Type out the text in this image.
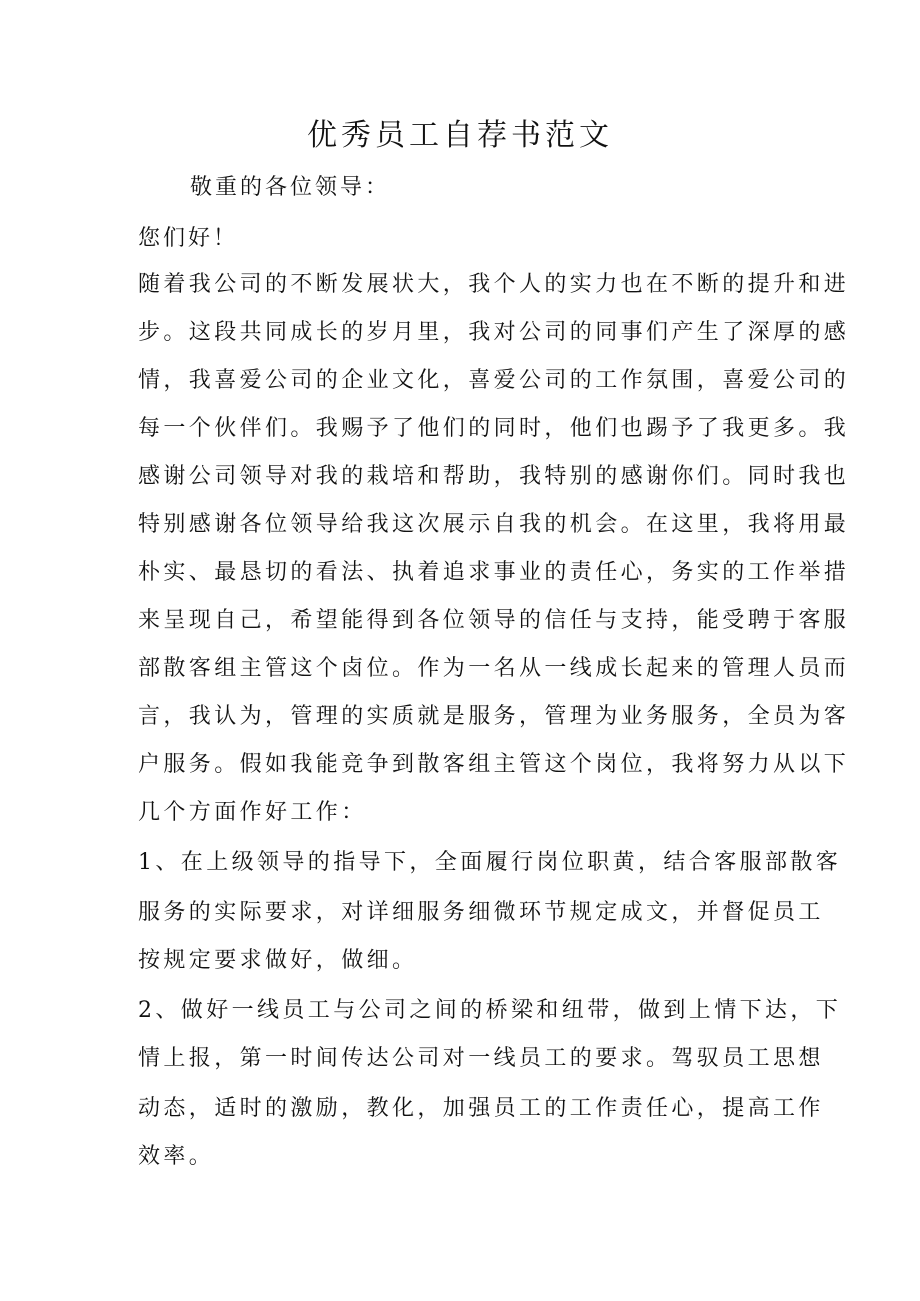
优秀员工自荐书范文

敬重的各位领导：

您们好！

随着我公司的不断发展状大，我个人的实力也在不断的提升和进

步。这段共同成长的岁月里，我对公司的同事们产生了深厚的感

情，我喜爱公司的企业文化，喜爱公司的工作氛围，喜爱公司的

每一个伙伴们。我赐予了他们的同时，他们也踢予了我更多。我

感谢公司领导对我的栽培和帮助，我特别的感谢你们。同时我也

特别感谢各位领导给我这次展示自我的机会。在这里，我将用最

朴实、最恳切的看法、执着追求事业的责任心，务实的工作举措

来呈现自己，希望能得到各位领导的信任与支持，能受聘于客服

部散客组主管这个卤位。作为一名从一线成长起来的管理人员而

言，我认为，管理的实质就是服务，管理为业务服务，全员为客

户服务。假如我能竞争到散客组主管这个岗位，我将努力从以下

几个方面作好工作：

1、在上级领导的指导下，全面履行岗位职黄，结合客服部散客

服务的实际要求，对详细服务细微环节规定成文，并督促员工

按规定要求做好，做细。

2、做好一线员工与公司之间的桥梁和纽带，做到上情下达，下

情上报，第一时间传达公司对一线员工的要求。驾驭员工思想

动态，适时的激励，教化，加强员工的工作责任心，提高工作

效率。
